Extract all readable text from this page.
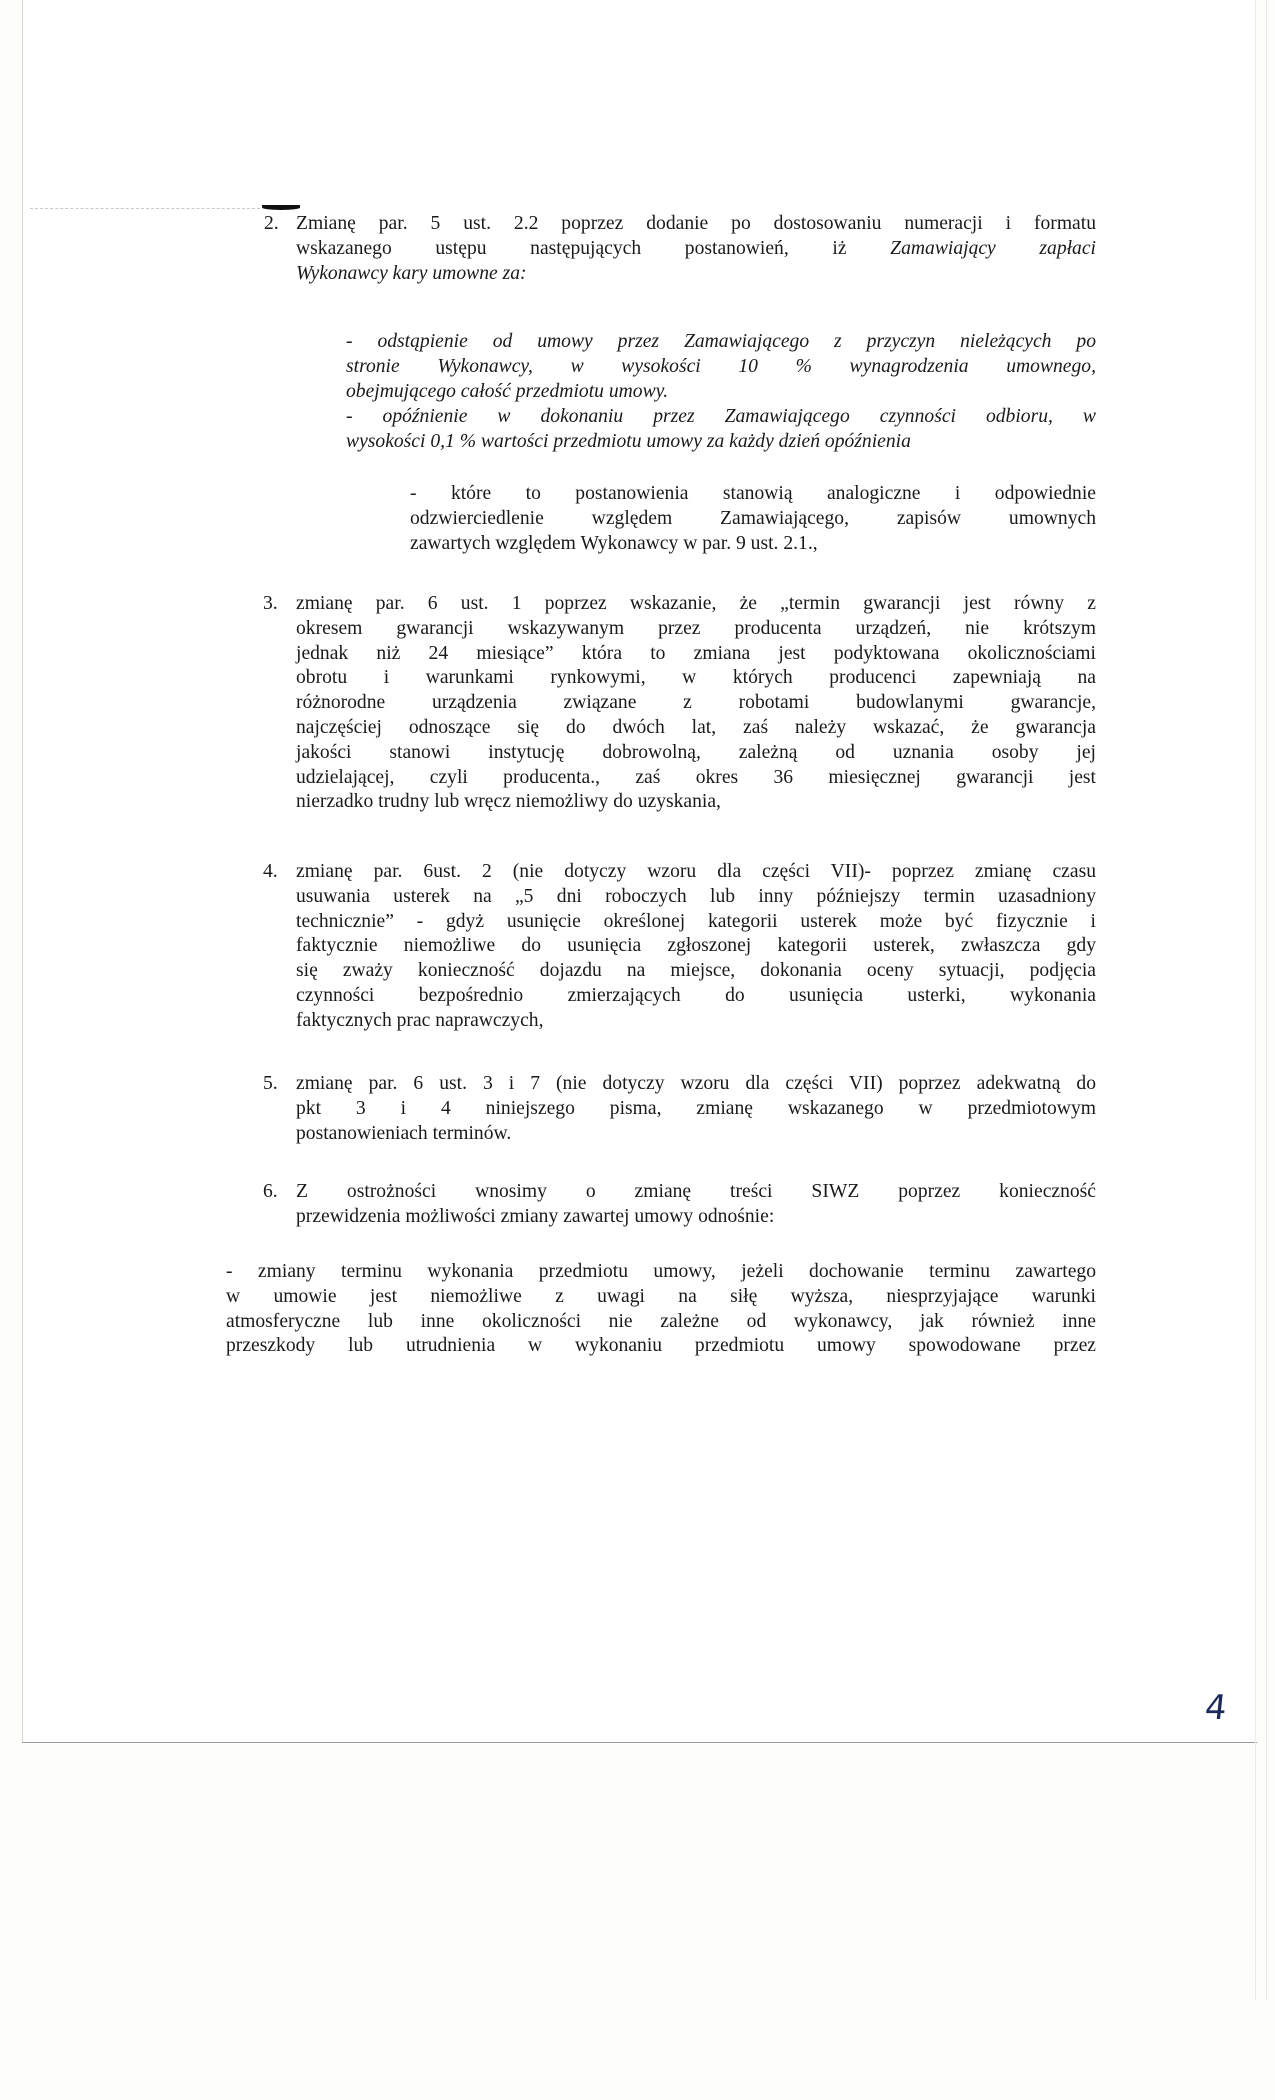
2. Zmianę par. 5 ust. 2.2 poprzez dodanie po dostosowaniu numeracji i formatu
wskazanego ustępu następujących postanowień, iż Zamawiający zapłaci
Wykonawcy kary umowne za:
- odstąpienie od umowy przez Zamawiającego z przyczyn nieleżących po
stronie Wykonawcy, w wysokości 10 % wynagrodzenia umownego,
obejmującego całość przedmiotu umowy.
- opóźnienie w dokonaniu przez Zamawiającego czynności odbioru, w
wysokości 0,1 % wartości przedmiotu umowy za każdy dzień opóźnienia
- które to postanowienia stanowią analogiczne i odpowiednie
odzwierciedlenie względem Zamawiającego, zapisów umownych
zawartych względem Wykonawcy w par. 9 ust. 2.1.,
3. zmianę par. 6 ust. 1 poprzez wskazanie, że „termin gwarancji jest równy z
okresem gwarancji wskazywanym przez producenta urządzeń, nie krótszym
jednak niż 24 miesiące” która to zmiana jest podyktowana okolicznościami
obrotu i warunkami rynkowymi, w których producenci zapewniają na
różnorodne urządzenia związane z robotami budowlanymi gwarancje,
najczęściej odnoszące się do dwóch lat, zaś należy wskazać, że gwarancja
jakości stanowi instytucję dobrowolną, zależną od uznania osoby jej
udzielającej, czyli producenta., zaś okres 36 miesięcznej gwarancji jest
nierzadko trudny lub wręcz niemożliwy do uzyskania,
4. zmianę par. 6ust. 2 (nie dotyczy wzoru dla części VII)- poprzez zmianę czasu
usuwania usterek na „5 dni roboczych lub inny późniejszy termin uzasadniony
technicznie” - gdyż usunięcie określonej kategorii usterek może być fizycznie i
faktycznie niemożliwe do usunięcia zgłoszonej kategorii usterek, zwłaszcza gdy
się zważy konieczność dojazdu na miejsce, dokonania oceny sytuacji, podjęcia
czynności bezpośrednio zmierzających do usunięcia usterki, wykonania
faktycznych prac naprawczych,
5. zmianę par. 6 ust. 3 i 7 (nie dotyczy wzoru dla części VII) poprzez adekwatną do
pkt 3 i 4 niniejszego pisma, zmianę wskazanego w przedmiotowym
postanowieniach terminów.
6. Z ostrożności wnosimy o zmianę treści SIWZ poprzez konieczność
przewidzenia możliwości zmiany zawartej umowy odnośnie:
- zmiany terminu wykonania przedmiotu umowy, jeżeli dochowanie terminu zawartego
w umowie jest niemożliwe z uwagi na siłę wyższa, niesprzyjające warunki
atmosferyczne lub inne okoliczności nie zależne od wykonawcy, jak również inne
przeszkody lub utrudnienia w wykonaniu przedmiotu umowy spowodowane przez
4
